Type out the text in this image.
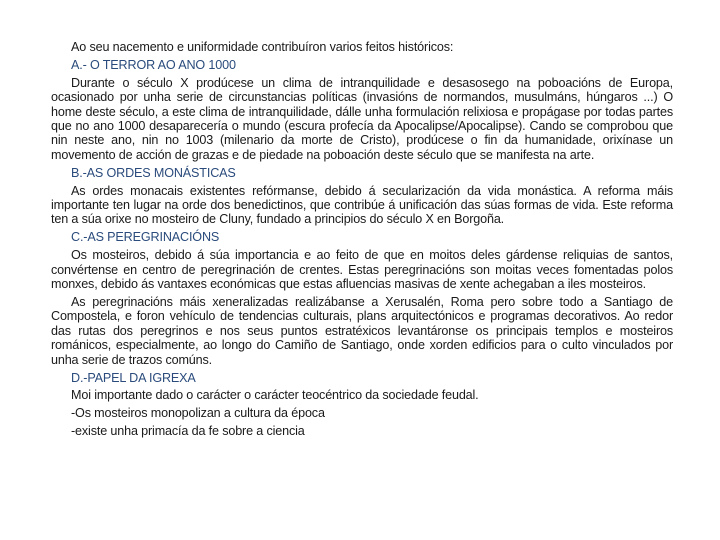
Ao seu nacemento e uniformidade contribuíron varios feitos históricos:

A.- O TERROR AO ANO 1000

Durante o século X prodúcese un clima de intranquilidade e desasosego na poboacións de Europa, ocasionado por unha serie de circunstancias políticas (invasións de normandos, musulmáns, húngaros ...) O home deste século, a este clima de intranquilidade, dálle unha formulación relixiosa e propágase por todas partes que no ano 1000 desaparecería o mundo (escura profecía da Apocalipse/Apocalipse). Cando se comprobou que nin neste ano, nin no 1003 (milenario da morte de Cristo), prodúcese o fin da humanidade, orixínase un movemento de acción de grazas e de piedade na poboación deste século que se manifesta na arte.

B.-AS ORDES MONÁSTICAS

As ordes monacais existentes refórmanse, debido á secularización da vida monástica. A reforma máis importante ten lugar na orde dos benedictinos, que contribúe á unificación das súas formas de vida. Este reforma ten a súa orixe no mosteiro de Cluny, fundado a principios do século X en Borgoña.

C.-AS PEREGRINACIÓNS

Os mosteiros, debido á súa importancia e ao feito de que en moitos deles gárdense reliquias de santos, convértense en centro de peregrinación de crentes. Estas peregrinacións son moitas veces fomentadas polos monxes, debido ás vantaxes económicas que estas afluencias masivas de xente achegaban a iles mosteiros.

As peregrinacións máis xeneralizadas realizábanse a Xerusalén, Roma pero sobre todo a Santiago de Compostela, e foron vehículo de tendencias culturais, plans arquitectónicos e programas decorativos. Ao redor das rutas dos peregrinos e nos seus puntos estratéxicos levantáronse os principais templos e mosteiros románicos, especialmente, ao longo do Camiño de Santiago, onde xorden edificios para o culto vinculados por unha serie de trazos comúns.

D.-PAPEL DA IGREXA

Moi importante dado o carácter o carácter teocéntrico da sociedade feudal.

-Os mosteiros monopolizan a cultura da época

-existe unha primacía da fe sobre a ciencia
